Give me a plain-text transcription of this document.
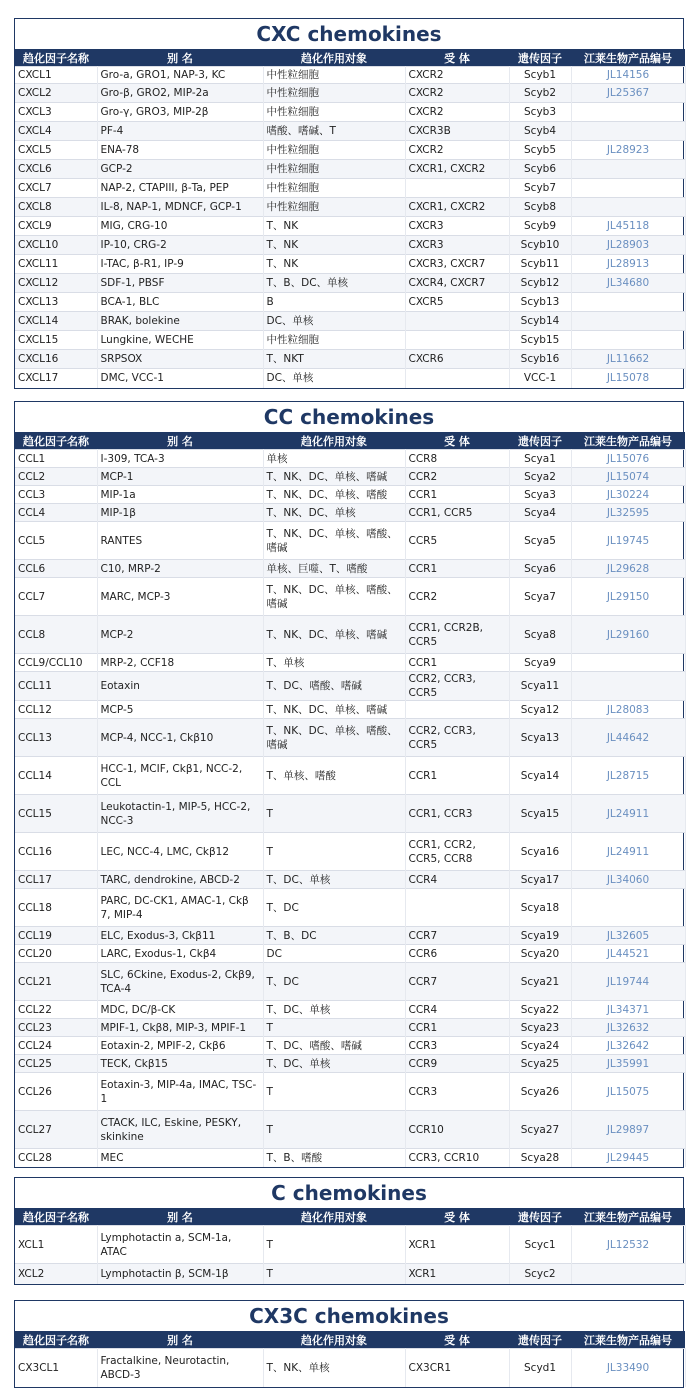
CXC chemokines
趋化因子名称	别 名	趋化作用对象	受 体	遗传因子	江莱生物产品编号
CXCL1	Gro-a, GRO1, NAP-3, KC	中性粒细胞	CXCR2	Scyb1	JL14156
CXCL2	Gro-β, GRO2, MIP-2a	中性粒细胞	CXCR2	Scyb2	JL25367
CXCL3	Gro-γ, GRO3, MIP-2β	中性粒细胞	CXCR2	Scyb3	
CXCL4	PF-4	嗜酸、嗜碱、T	CXCR3B	Scyb4	
CXCL5	ENA-78	中性粒细胞	CXCR2	Scyb5	JL28923
CXCL6	GCP-2	中性粒细胞	CXCR1, CXCR2	Scyb6	
CXCL7	NAP-2, CTAPIII, β-Ta, PEP	中性粒细胞		Scyb7	
CXCL8	IL-8, NAP-1, MDNCF, GCP-1	中性粒细胞	CXCR1, CXCR2	Scyb8	
CXCL9	MIG, CRG-10	T、NK	CXCR3	Scyb9	JL45118
CXCL10	IP-10, CRG-2	T、NK	CXCR3	Scyb10	JL28903
CXCL11	I-TAC, β-R1, IP-9	T、NK	CXCR3, CXCR7	Scyb11	JL28913
CXCL12	SDF-1, PBSF	T、B、DC、单核	CXCR4, CXCR7	Scyb12	JL34680
CXCL13	BCA-1, BLC	B	CXCR5	Scyb13	
CXCL14	BRAK, bolekine	DC、单核		Scyb14	
CXCL15	Lungkine, WECHE	中性粒细胞		Scyb15	
CXCL16	SRPSOX	T、NKT	CXCR6	Scyb16	JL11662
CXCL17	DMC, VCC-1	DC、单核		VCC-1	JL15078
CC chemokines
趋化因子名称	别 名	趋化作用对象	受 体	遗传因子	江莱生物产品编号
CCL1	I-309, TCA-3	单核	CCR8	Scya1	JL15076
CCL2	MCP-1	T、NK、DC、单核、嗜碱	CCR2	Scya2	JL15074
CCL3	MIP-1a	T、NK、DC、单核、嗜酸	CCR1	Scya3	JL30224
CCL4	MIP-1β	T、NK、DC、单核	CCR1, CCR5	Scya4	JL32595
CCL5	RANTES	T、NK、DC、单核、嗜酸、嗜碱	CCR5	Scya5	JL19745
CCL6	C10, MRP-2	单核、巨噬、T、嗜酸	CCR1	Scya6	JL29628
CCL7	MARC, MCP-3	T、NK、DC、单核、嗜酸、嗜碱	CCR2	Scya7	JL29150
CCL8	MCP-2	T、NK、DC、单核、嗜碱	CCR1, CCR2B, CCR5	Scya8	JL29160
CCL9/CCL10	MRP-2, CCF18	T、单核	CCR1	Scya9	
CCL11	Eotaxin	T、DC、嗜酸、嗜碱	CCR2, CCR3, CCR5	Scya11	
CCL12	MCP-5	T、NK、DC、单核、嗜碱		Scya12	JL28083
CCL13	MCP-4, NCC-1, Ckβ10	T、NK、DC、单核、嗜酸、嗜碱	CCR2, CCR3, CCR5	Scya13	JL44642
CCL14	HCC-1, MCIF, Ckβ1, NCC-2, CCL	T、单核、嗜酸	CCR1	Scya14	JL28715
CCL15	Leukotactin-1, MIP-5, HCC-2, NCC-3	T	CCR1, CCR3	Scya15	JL24911
CCL16	LEC, NCC-4, LMC, Ckβ12	T	CCR1, CCR2, CCR5, CCR8	Scya16	JL24911
CCL17	TARC, dendrokine, ABCD-2	T、DC、单核	CCR4	Scya17	JL34060
CCL18	PARC, DC-CK1, AMAC-1, Ckβ 7, MIP-4	T、DC		Scya18	
CCL19	ELC, Exodus-3, Ckβ11	T、B、DC	CCR7	Scya19	JL32605
CCL20	LARC, Exodus-1, Ckβ4	DC	CCR6	Scya20	JL44521
CCL21	SLC, 6Ckine, Exodus-2, Ckβ9, TCA-4	T、DC	CCR7	Scya21	JL19744
CCL22	MDC, DC/β-CK	T、DC、单核	CCR4	Scya22	JL34371
CCL23	MPIF-1, Ckβ8, MIP-3, MPIF-1	T	CCR1	Scya23	JL32632
CCL24	Eotaxin-2, MPIF-2, Ckβ6	T、DC、嗜酸、嗜碱	CCR3	Scya24	JL32642
CCL25	TECK, Ckβ15	T、DC、单核	CCR9	Scya25	JL35991
CCL26	Eotaxin-3, MIP-4a, IMAC, TSC-1	T	CCR3	Scya26	JL15075
CCL27	CTACK, ILC, Eskine, PESKY, skinkine	T	CCR10	Scya27	JL29897
CCL28	MEC	T、B、嗜酸	CCR3, CCR10	Scya28	JL29445
C chemokines
趋化因子名称	别 名	趋化作用对象	受 体	遗传因子	江莱生物产品编号
XCL1	Lymphotactin a, SCM-1a, ATAC	T	XCR1	Scyc1	JL12532
XCL2	Lymphotactin β, SCM-1β	T	XCR1	Scyc2	
CX3C chemokines
趋化因子名称	别 名	趋化作用对象	受 体	遗传因子	江莱生物产品编号
CX3CL1	Fractalkine, Neurotactin, ABCD-3	T、NK、单核	CX3CR1	Scyd1	JL33490
